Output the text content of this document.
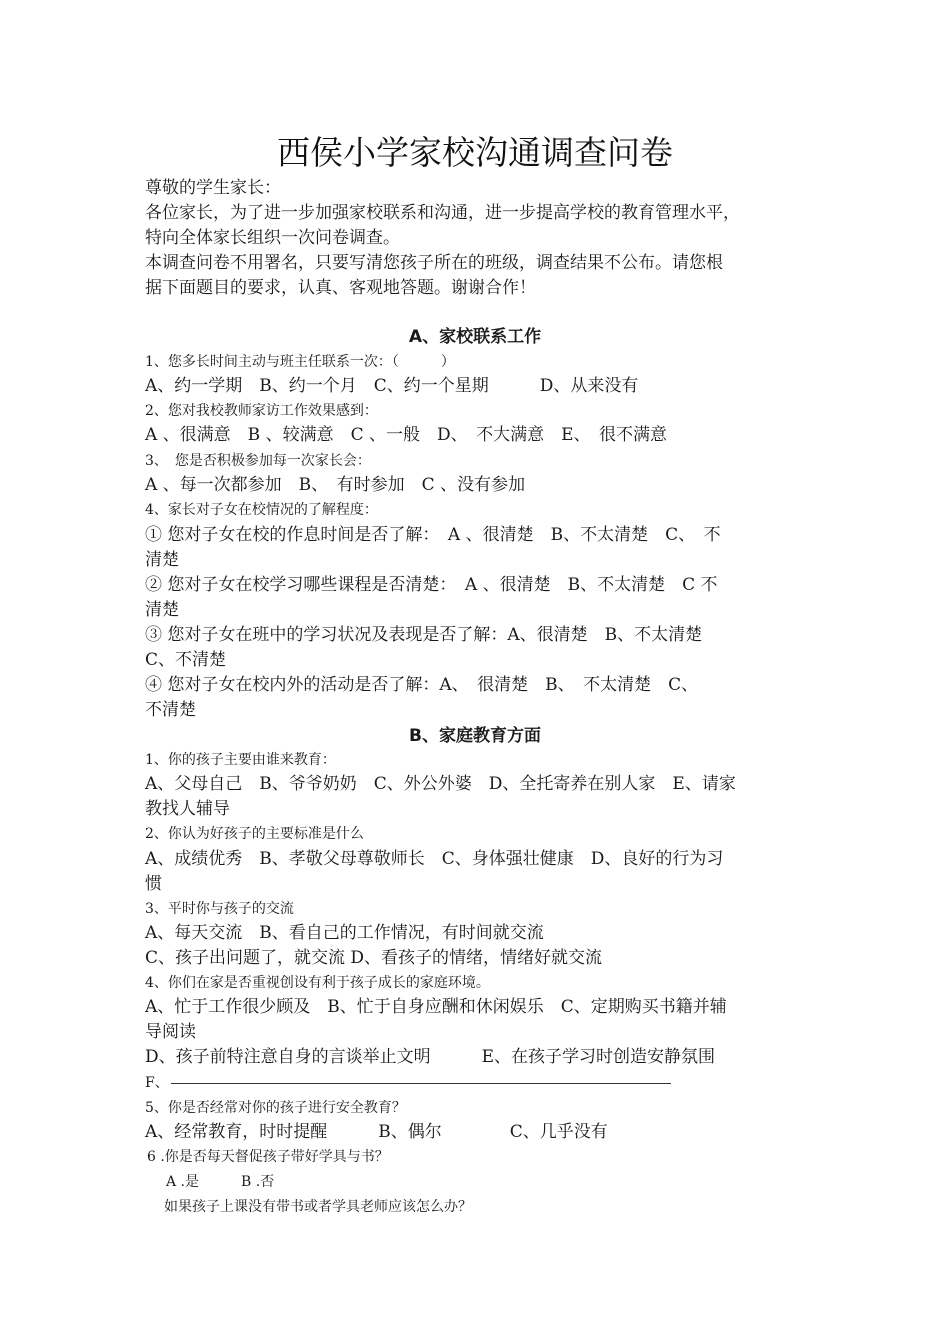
西侯小学家校沟通调查问卷
尊敬的学生家长：
各位家长，为了进一步加强家校联系和沟通，进一步提高学校的教育管理水平，
特向全体家长组织一次问卷调查。
本调查问卷不用署名，只要写清您孩子所在的班级，调查结果不公布。请您根
据下面题目的要求，认真、客观地答题。谢谢合作！
A、家校联系工作
1、您多长时间主动与班主任联系一次：（　　　）
A、约一学期　B、约一个月　C、约一个星期　　　D、从来没有
2、您对我校教师家访工作效果感到：
A 、很满意　B 、较满意　C 、一般　D、　不大满意　E、　很不满意
3、　您是否积极参加每一次家长会：
A 、每一次都参加　B、　有时参加　C 、没有参加
4、家长对子女在校情况的了解程度：
① 您对子女在校的作息时间是否了解：　A 、很清楚　B、不太清楚　C、　不
清楚
② 您对子女在校学习哪些课程是否清楚：　A 、很清楚　B、不太清楚　C 不
清楚
③ 您对子女在班中的学习状况及表现是否了解：A、很清楚　B、不太清楚
C、不清楚
④ 您对子女在校内外的活动是否了解：A、　很清楚　B、　不太清楚　C、
不清楚
B、家庭教育方面
1、你的孩子主要由谁来教育：
A、父母自己　B、爷爷奶奶　C、外公外婆　D、全托寄养在别人家　E、请家
教找人辅导
2、你认为好孩子的主要标准是什么
A、成绩优秀　B、孝敬父母尊敬师长　C、身体强壮健康　D、良好的行为习
惯
3、平时你与孩子的交流
A、每天交流　B、看自己的工作情况，有时间就交流
C、孩子出问题了，就交流 D、看孩子的情绪，情绪好就交流
4、你们在家是否重视创设有利于孩子成长的家庭环境。
A、忙于工作很少顾及　B、忙于自身应酬和休闲娱乐　C、定期购买书籍并辅
导阅读
D、孩子前特注意自身的言谈举止文明　　　E、在孩子学习时创造安静氛围
F、
5、你是否经常对你的孩子进行安全教育？
A、经常教育，时时提醒　　　B、偶尔　　　　C、几乎没有
6 .你是否每天督促孩子带好学具与书？
A .是　　　B .否
如果孩子上课没有带书或者学具老师应该怎么办？
